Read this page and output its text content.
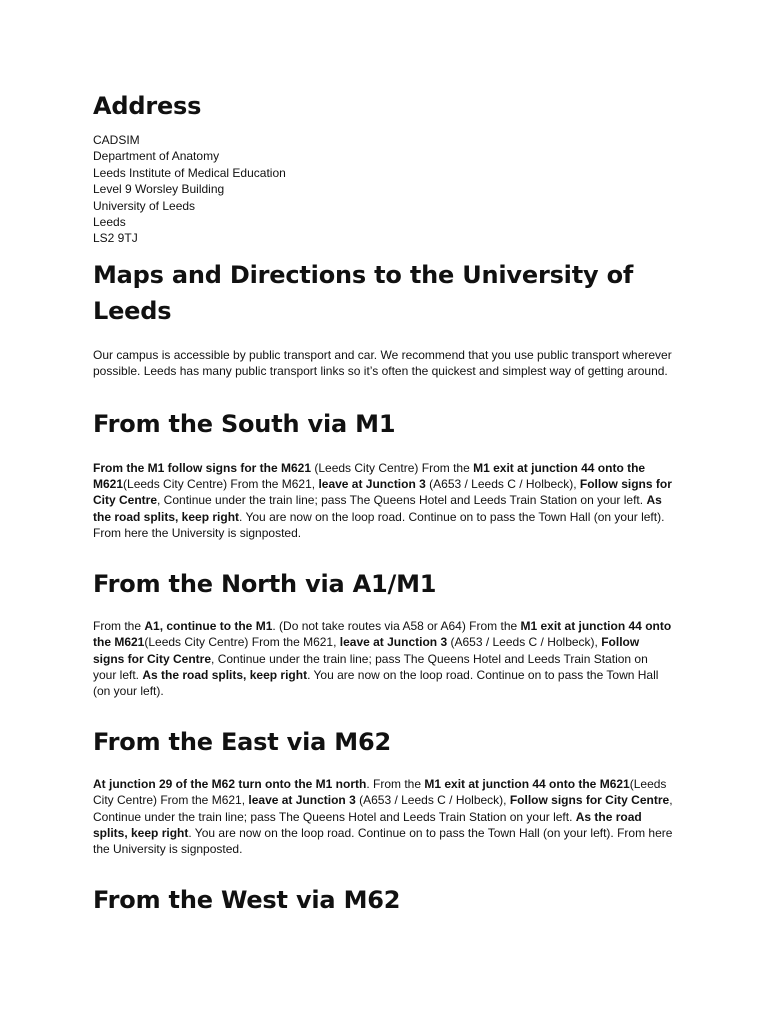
Address
CADSIM
Department of Anatomy
Leeds Institute of Medical Education
Level 9 Worsley Building
University of Leeds
Leeds
LS2 9TJ
Maps and Directions to the University of Leeds

Our campus is accessible by public transport and car. We recommend that you use public transport wherever possible. Leeds has many public transport links so it’s often the quickest and simplest way of getting around.

From the South via M1

From the M1 follow signs for the M621 (Leeds City Centre) From the M1 exit at junction 44 onto the M621(Leeds City Centre) From the M621, leave at Junction 3 (A653 / Leeds C / Holbeck), Follow signs for City Centre, Continue under the train line; pass The Queens Hotel and Leeds Train Station on your left. As the road splits, keep right. You are now on the loop road. Continue on to pass the Town Hall (on your left). From here the University is signposted.

From the North via A1/M1

From the A1, continue to the M1. (Do not take routes via A58 or A64) From the M1 exit at junction 44 onto the M621(Leeds City Centre) From the M621, leave at Junction 3 (A653 / Leeds C / Holbeck), Follow signs for City Centre, Continue under the train line; pass The Queens Hotel and Leeds Train Station on your left. As the road splits, keep right. You are now on the loop road. Continue on to pass the Town Hall (on your left).

From the East via M62

At junction 29 of the M62 turn onto the M1 north. From the M1 exit at junction 44 onto the M621(Leeds City Centre) From the M621, leave at Junction 3 (A653 / Leeds C / Holbeck), Follow signs for City Centre, Continue under the train line; pass The Queens Hotel and Leeds Train Station on your left. As the road splits, keep right. You are now on the loop road. Continue on to pass the Town Hall (on your left). From here the University is signposted.

From the West via M62
